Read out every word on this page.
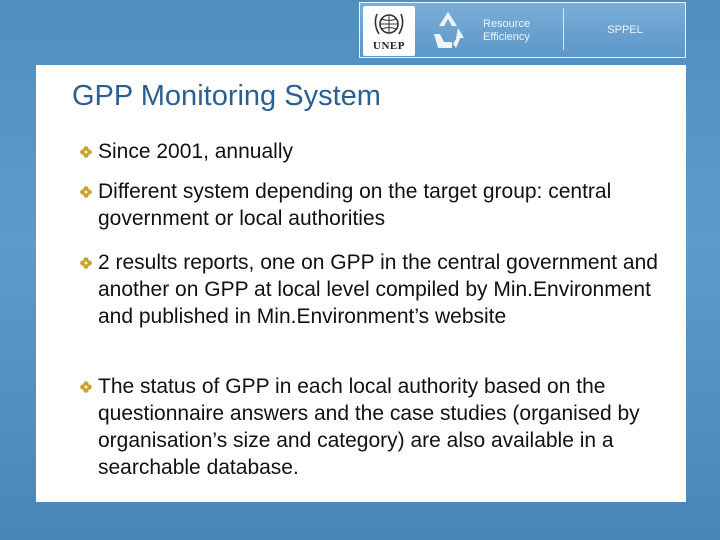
UNEP
Resource
Efficiency
SPPEL
GPP Monitoring System
Since 2001, annually
Different system depending on the target group: central government or local authorities
2 results reports, one on GPP in the central government and another on GPP at local level compiled by Min.Environment and published in Min.Environment’s website
The status of GPP in each local authority based on the questionnaire answers and the case studies (organised by organisation’s size and category) are also available in a searchable database.
